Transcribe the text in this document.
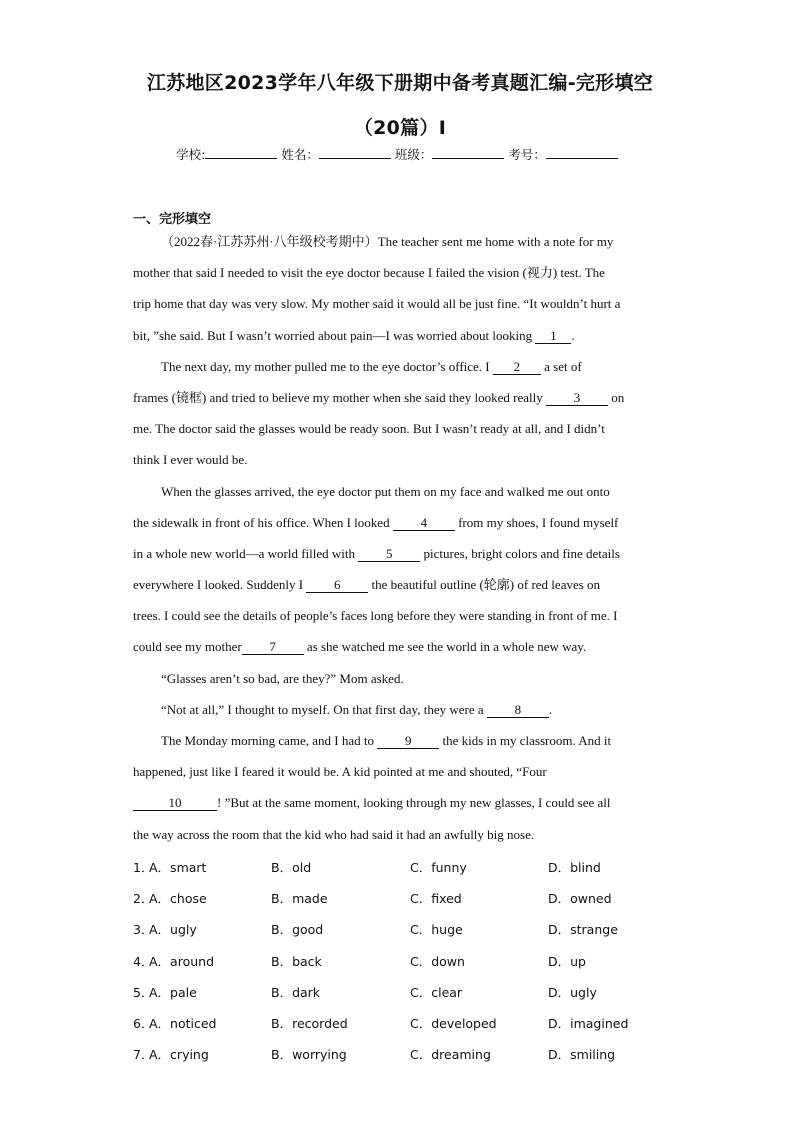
江苏地区2023学年八年级下册期中备考真题汇编-完形填空
（20篇）Ⅰ
学校:	姓名：	班级：	考号：
一、完形填空
（2022春·江苏苏州·八年级校考期中）The teacher sent me home with a note for my
mother that said I needed to visit the eye doctor because I failed the vision (视力) test. The
trip home that day was very slow. My mother said it would all be just fine. “It wouldn’t hurt a
bit, ”she said. But I wasn’t worried about pain—I was worried about looking 1 .
The next day, my mother pulled me to the eye doctor’s office. I 2 a set of
frames (镜框) and tried to believe my mother when she said they looked really 3 on
me. The doctor said the glasses would be ready soon. But I wasn’t ready at all, and I didn’t
think I ever would be.
When the glasses arrived, the eye doctor put them on my face and walked me out onto
the sidewalk in front of his office. When I looked 4 from my shoes, I found myself
in a whole new world—a world filled with 5 pictures, bright colors and fine details
everywhere I looked. Suddenly I 6 the beautiful outline (轮廓) of red leaves on
trees. I could see the details of people’s faces long before they were standing in front of me. I
could see my mother 7 as she watched me see the world in a whole new way.
“Glasses aren’t so bad, are they?” Mom asked.
“Not at all,” I thought to myself. On that first day, they were a 8 .
The Monday morning came, and I had to 9 the kids in my classroom. And it
happened, just like I feared it would be. A kid pointed at me and shouted, “Four
10	! ”But at the same moment, looking through my new glasses, I could see all
the way across the room that the kid who had said it had an awfully big nose.
1．
A．smart	B．old	C．funny	D．blind
2．
A．chose	B．made	C．fixed	D．owned
3．
A．ugly	B．good	C．huge	D．strange
4．
A．around	B．back	C．down	D．up
5．
A．pale	B．dark	C．clear	D．ugly
6．
A．noticed	B．recorded	C．developed	D．imagined
7．
A．crying	B．worrying	C．dreaming	D．smiling
